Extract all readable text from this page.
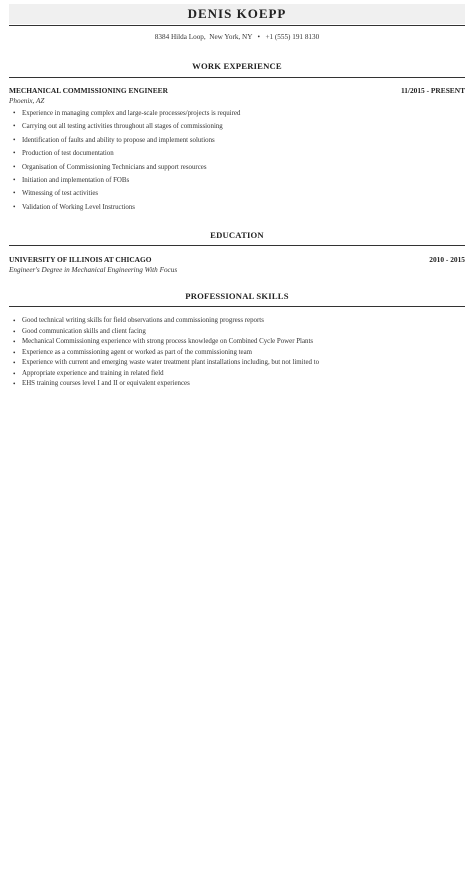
DENIS KOEPP
8384 Hilda Loop,  New York, NY   •   +1 (555) 191 8130
WORK EXPERIENCE
MECHANICAL COMMISSIONING ENGINEER	11/2015 - PRESENT
Phoenix, AZ
• Experience in managing complex and large-scale processes/projects is required
• Carrying out all testing activities throughout all stages of commissioning
• Identification of faults and ability to propose and implement solutions
• Production of test documentation
• Organisation of Commissioning Technicians and support resources
• Initiation and implementation of FOBs
• Witnessing of test activities
• Validation of Working Level Instructions
EDUCATION
UNIVERSITY OF ILLINOIS AT CHICAGO	2010 - 2015
Engineer's Degree in Mechanical Engineering With Focus
PROFESSIONAL SKILLS
• Good technical writing skills for field observations and commissioning progress reports
• Good communication skills and client facing
• Mechanical Commissioning experience with strong process knowledge on Combined Cycle Power Plants
• Experience as a commissioning agent or worked as part of the commissioning team
• Experience with current and emerging waste water treatment plant installations including, but not limited to
• Appropriate experience and training in related field
• EHS training courses level I and II or equivalent experiences
